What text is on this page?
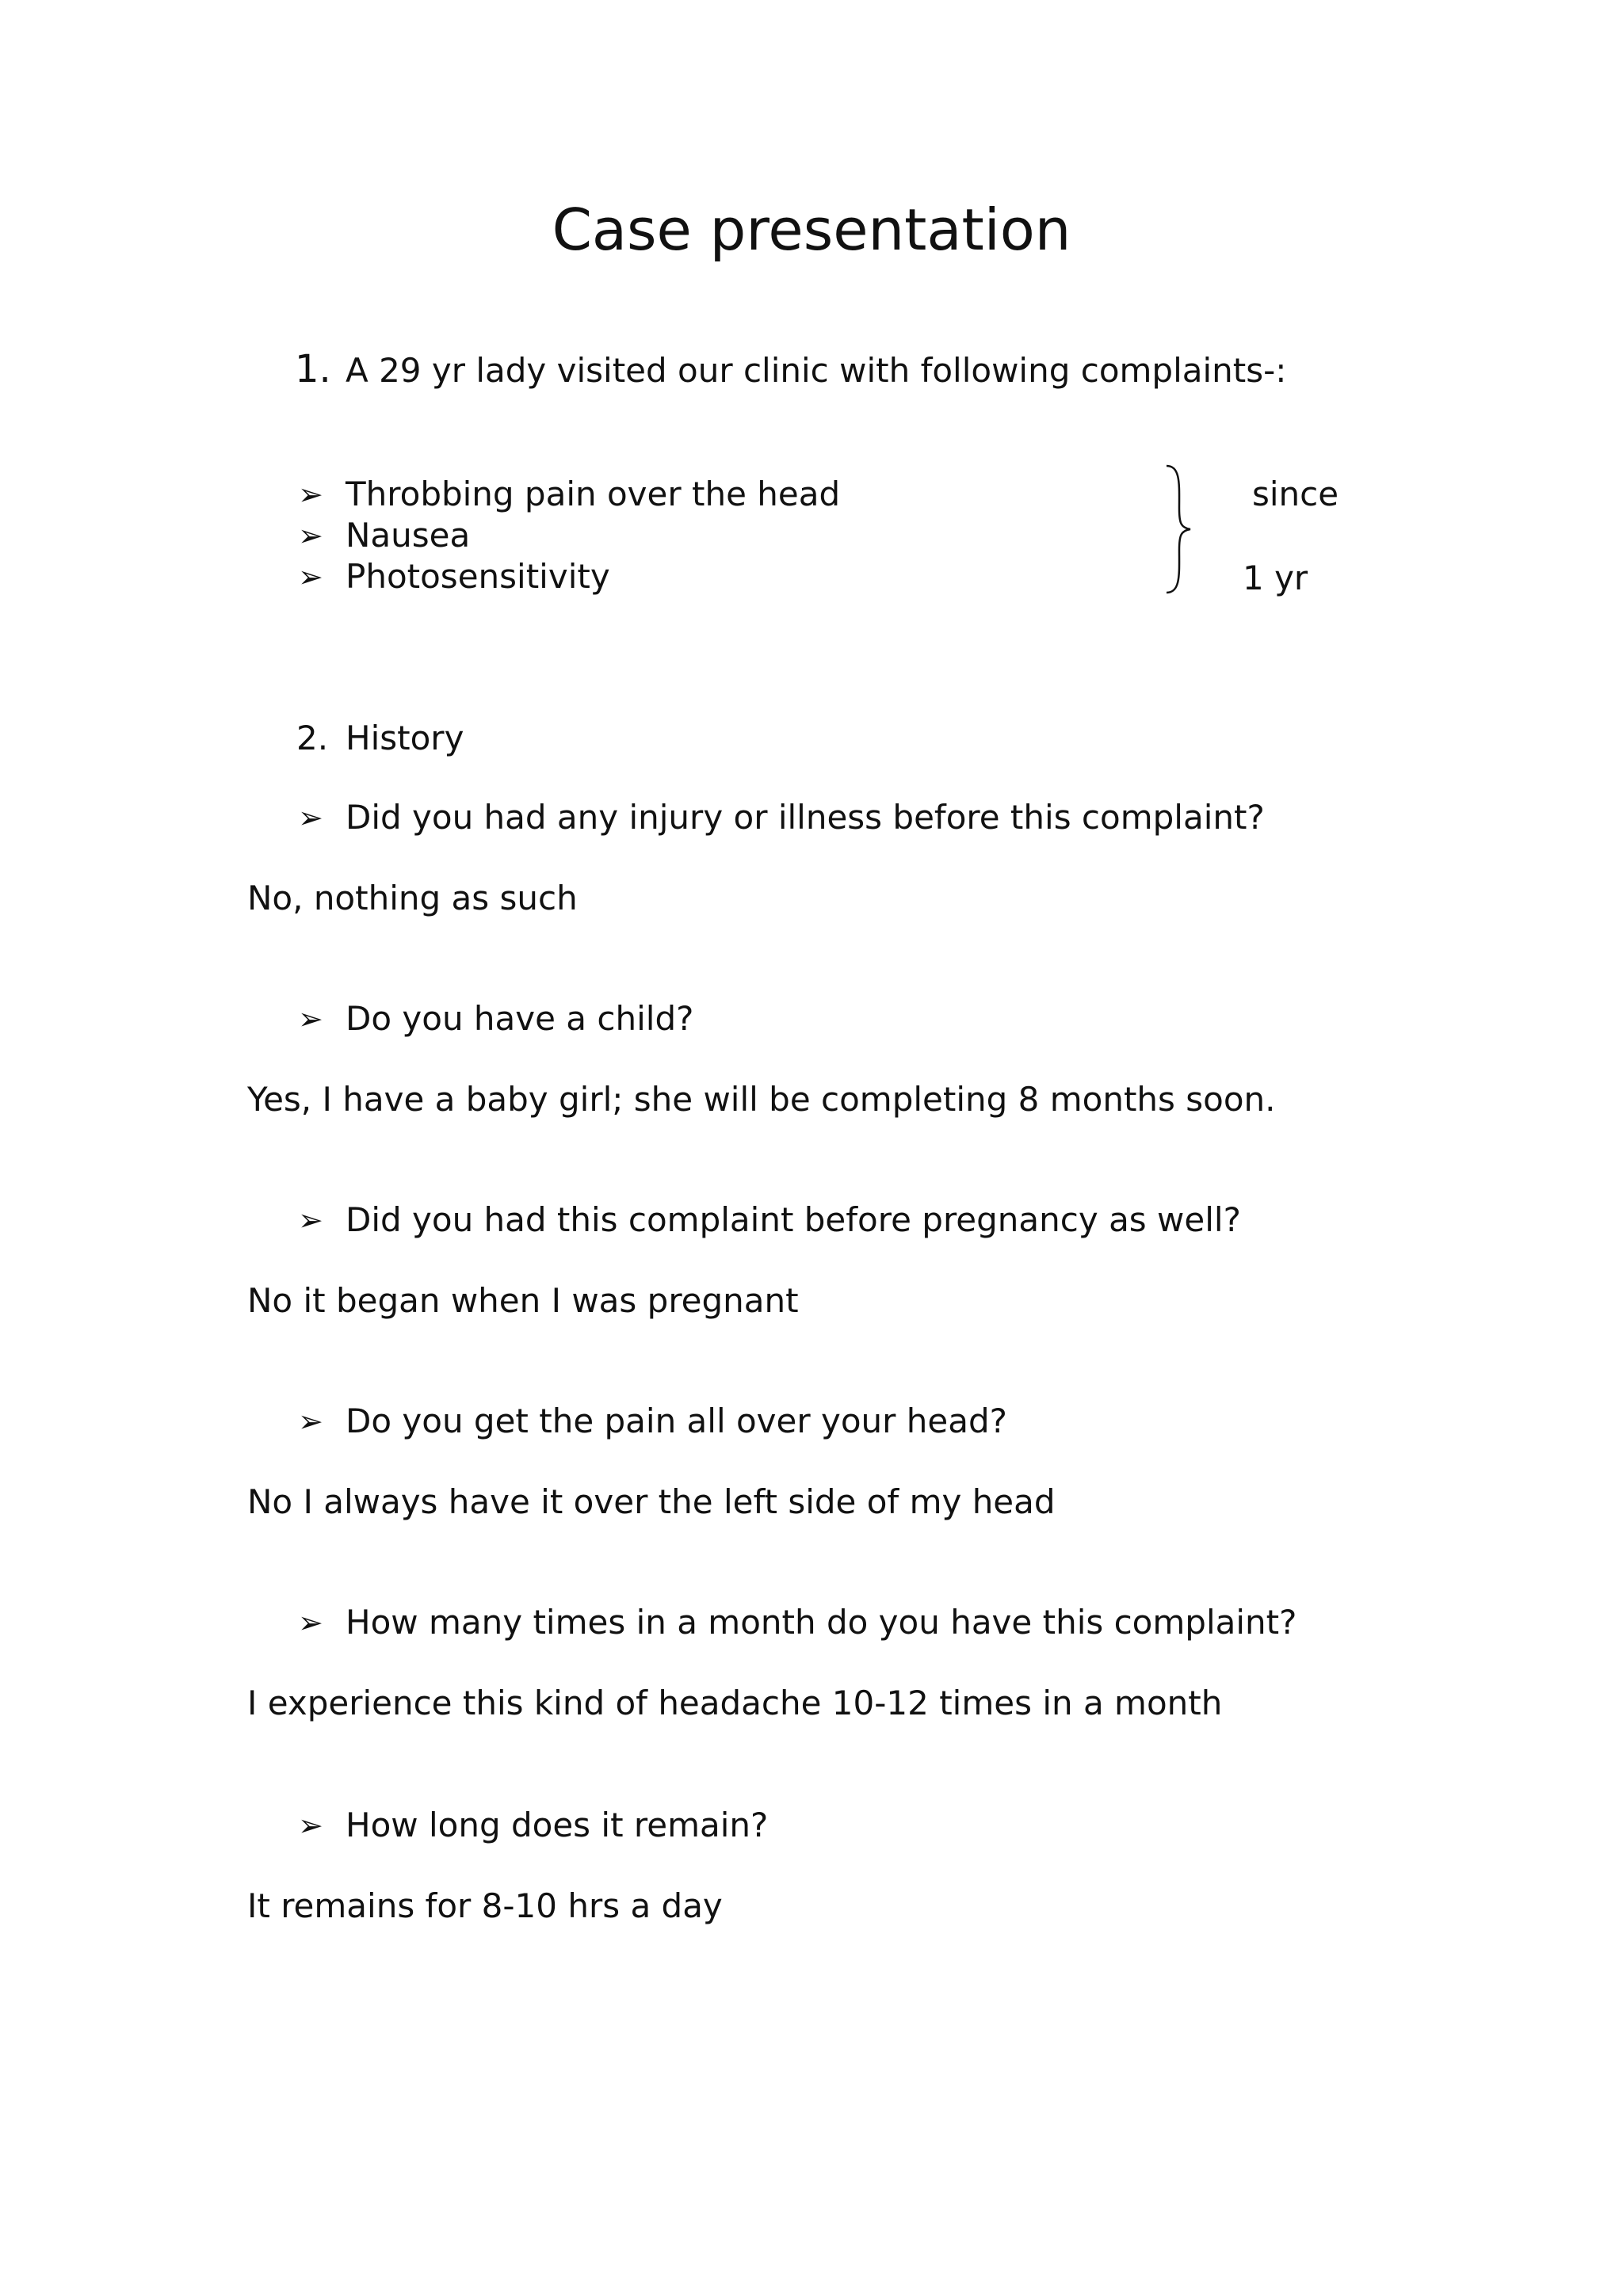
Case presentation
1. A 29 yr lady visited our clinic with following complaints-:
➢ Throbbing pain over the head
➢ Nausea
➢ Photosensitivity
since
1 yr
2. History
➢ Did you had any injury or illness before this complaint?
No, nothing as such
➢ Do you have a child?
Yes, I have a baby girl; she will be completing 8 months soon.
➢ Did you had this complaint before pregnancy as well?
No it began when I was pregnant
➢ Do you get the pain all over your head?
No I always have it over the left side of my head
➢ How many times in a month do you have this complaint?
I experience this kind of headache 10-12 times in a month
➢ How long does it remain?
It remains for 8-10 hrs a day
